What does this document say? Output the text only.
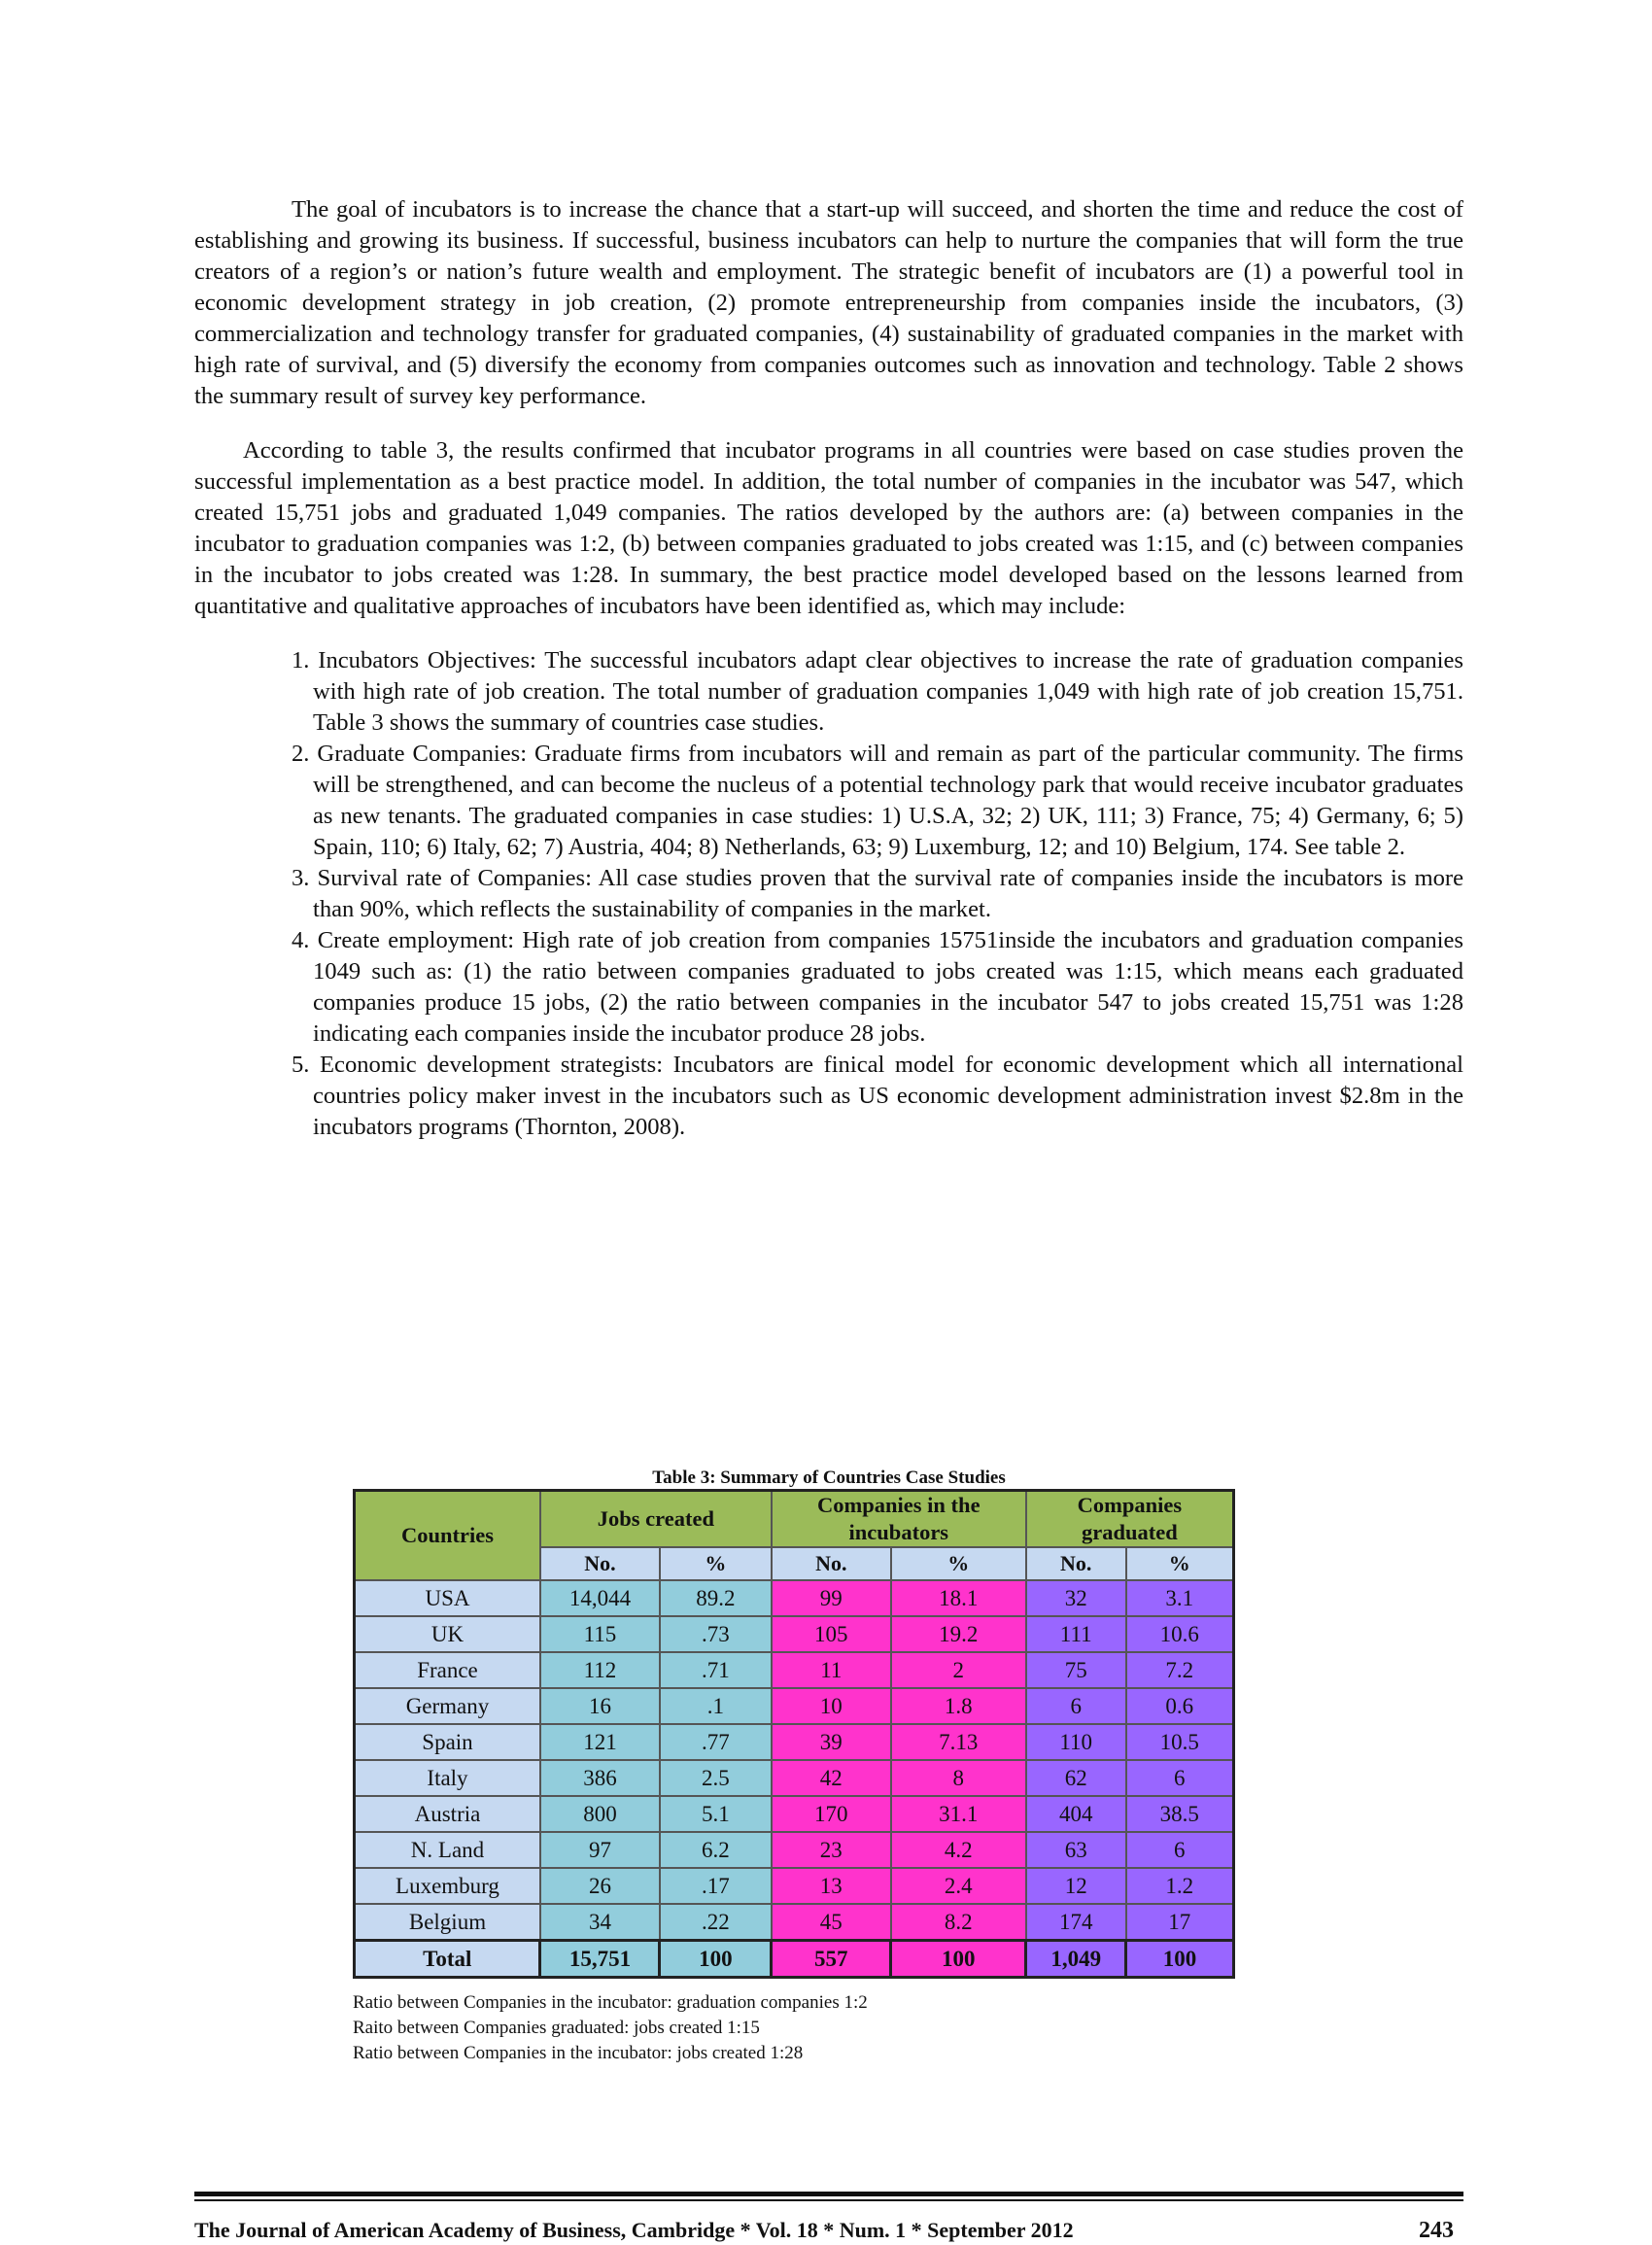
The goal of incubators is to increase the chance that a start-up will succeed, and shorten the time and reduce the cost of establishing and growing its business. If successful, business incubators can help to nurture the companies that will form the true creators of a region’s or nation’s future wealth and employment. The strategic benefit of incubators are (1) a powerful tool in economic development strategy in job creation, (2) promote entrepreneurship from companies inside the incubators, (3) commercialization and technology transfer for graduated companies, (4) sustainability of graduated companies in the market with high rate of survival, and (5) diversify the economy from companies outcomes such as innovation and technology. Table 2 shows the summary result of survey key performance.

According to table 3, the results confirmed that incubator programs in all countries were based on case studies proven the successful implementation as a best practice model. In addition, the total number of companies in the incubator was 547, which created 15,751 jobs and graduated 1,049 companies. The ratios developed by the authors are: (a) between companies in the incubator to graduation companies was 1:2, (b) between companies graduated to jobs created was 1:15, and (c) between companies in the incubator to jobs created was 1:28. In summary, the best practice model developed based on the lessons learned from quantitative and qualitative approaches of incubators have been identified as, which may include:

1. Incubators Objectives: The successful incubators adapt clear objectives to increase the rate of graduation companies with high rate of job creation. The total number of graduation companies 1,049 with high rate of job creation 15,751. Table 3 shows the summary of countries case studies.
2. Graduate Companies: Graduate firms from incubators will and remain as part of the particular community. The firms will be strengthened, and can become the nucleus of a potential technology park that would receive incubator graduates as new tenants. The graduated companies in case studies: 1) U.S.A, 32; 2) UK, 111; 3) France, 75; 4) Germany, 6; 5) Spain, 110; 6) Italy, 62; 7) Austria, 404; 8) Netherlands, 63; 9) Luxemburg, 12; and 10) Belgium, 174. See table 2.
3. Survival rate of Companies: All case studies proven that the survival rate of companies inside the incubators is more than 90%, which reflects the sustainability of companies in the market.
4. Create employment: High rate of job creation from companies 15751inside the incubators and graduation companies 1049 such as: (1) the ratio between companies graduated to jobs created was 1:15, which means each graduated companies produce 15 jobs, (2) the ratio between companies in the incubator 547 to jobs created 15,751 was 1:28 indicating each companies inside the incubator produce 28 jobs.
5. Economic development strategists: Incubators are finical model for economic development which all international countries policy maker invest in the incubators such as US economic development administration invest $2.8m in the incubators programs (Thornton, 2008).
Table 3: Summary of Countries Case Studies
Countries	Jobs created		Companies in the incubators		Companies graduated	
	No.	%	No.	%	No.	%
USA	14,044	89.2	99	18.1	32	3.1
UK	115	.73	105	19.2	111	10.6
France	112	.71	11	2	75	7.2
Germany	16	.1	10	1.8	6	0.6
Spain	121	.77	39	7.13	110	10.5
Italy	386	2.5	42	8	62	6
Austria	800	5.1	170	31.1	404	38.5
N. Land	97	6.2	23	4.2	63	6
Luxemburg	26	.17	13	2.4	12	1.2
Belgium	34	.22	45	8.2	174	17
Total	15,751	100	557	100	1,049	100
Ratio between Companies in the incubator: graduation companies 1:2
Raito between Companies graduated: jobs created 1:15
Ratio between Companies in the incubator: jobs created 1:28
The Journal of American Academy of Business, Cambridge * Vol. 18 * Num. 1 * September 2012	243
